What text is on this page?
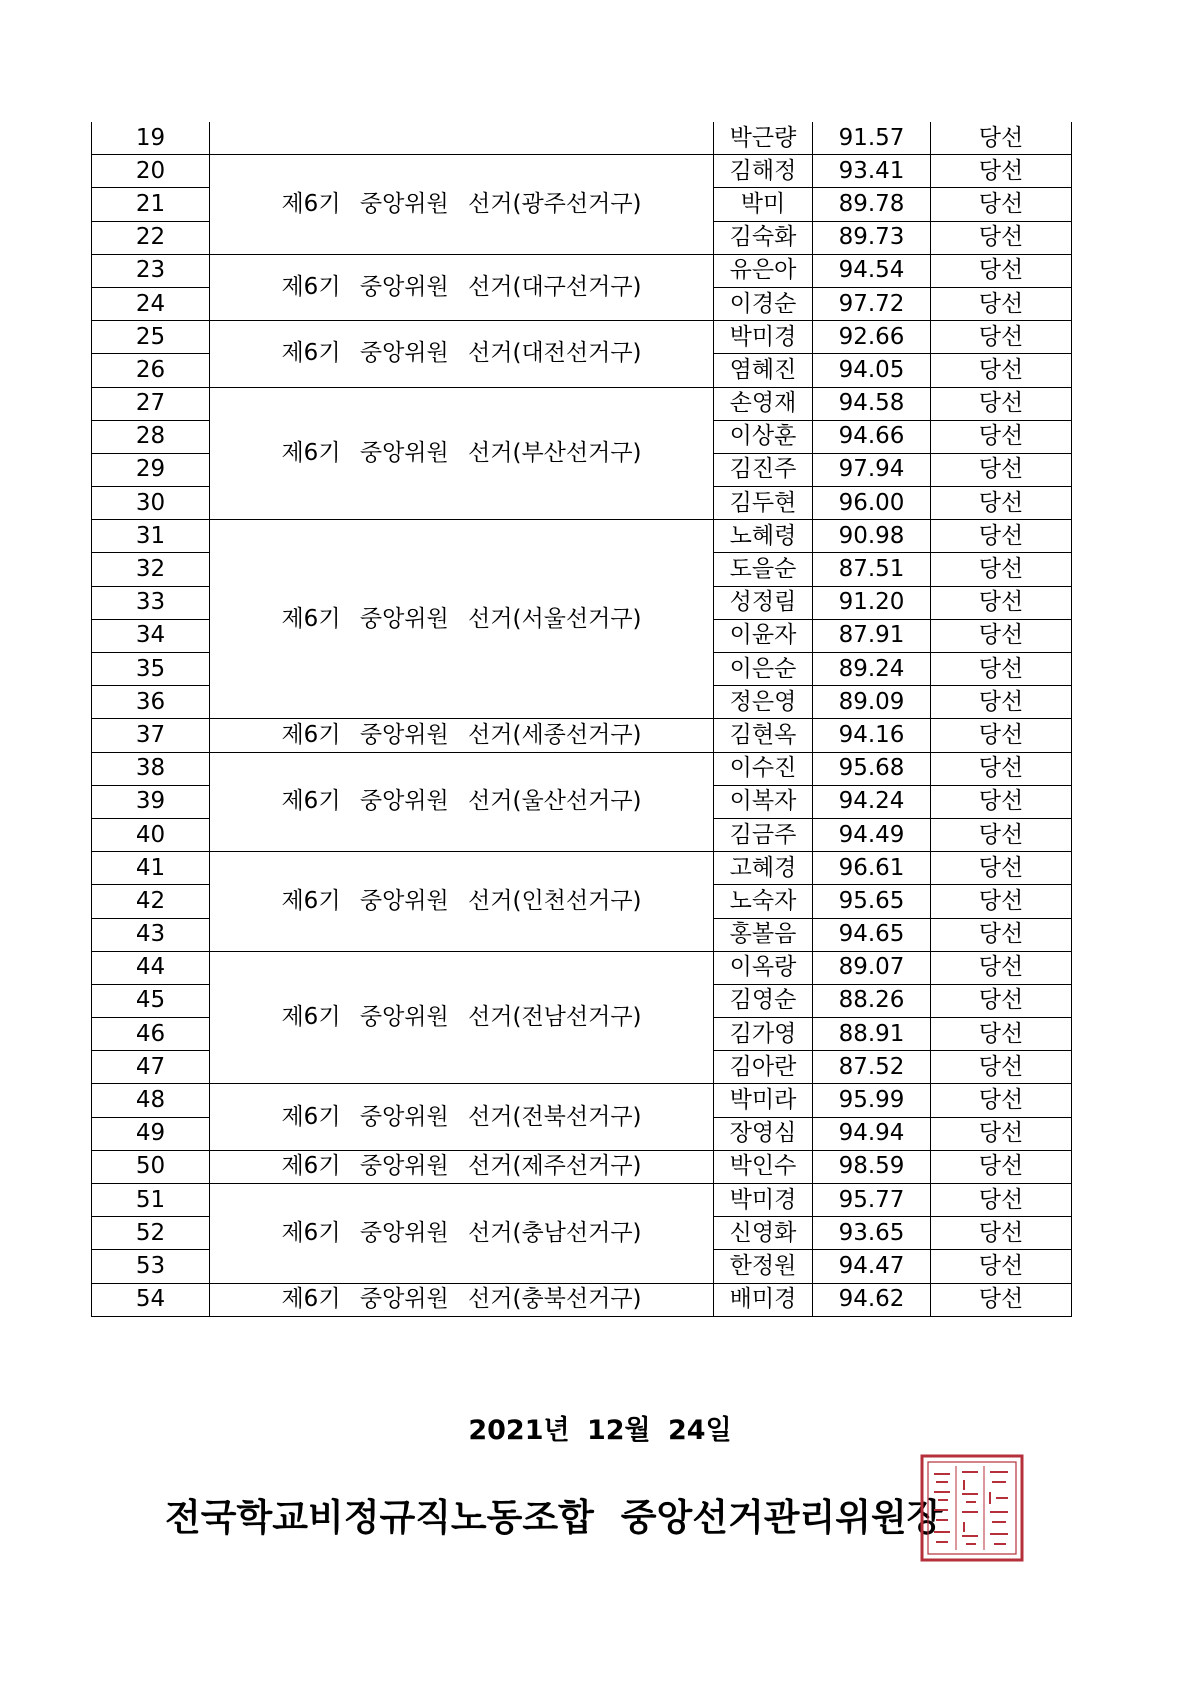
19		박근량	91.57	당선
20	제6기 중앙위원 선거(광주선거구)	김해정	93.41	당선
21		박미	89.78	당선
22		김숙화	89.73	당선
23	제6기 중앙위원 선거(대구선거구)	유은아	94.54	당선
24		이경순	97.72	당선
25	제6기 중앙위원 선거(대전선거구)	박미경	92.66	당선
26		염혜진	94.05	당선
27	제6기 중앙위원 선거(부산선거구)	손영재	94.58	당선
28		이상훈	94.66	당선
29		김진주	97.94	당선
30		김두현	96.00	당선
31	제6기 중앙위원 선거(서울선거구)	노혜령	90.98	당선
32		도을순	87.51	당선
33		성정림	91.20	당선
34		이윤자	87.91	당선
35		이은순	89.24	당선
36		정은영	89.09	당선
37	제6기 중앙위원 선거(세종선거구)	김현옥	94.16	당선
38	제6기 중앙위원 선거(울산선거구)	이수진	95.68	당선
39		이복자	94.24	당선
40		김금주	94.49	당선
41	제6기 중앙위원 선거(인천선거구)	고혜경	96.61	당선
42		노숙자	95.65	당선
43		홍볼음	94.65	당선
44	제6기 중앙위원 선거(전남선거구)	이옥랑	89.07	당선
45		김영순	88.26	당선
46		김가영	88.91	당선
47		김아란	87.52	당선
48	제6기 중앙위원 선거(전북선거구)	박미라	95.99	당선
49		장영심	94.94	당선
50	제6기 중앙위원 선거(제주선거구)	박인수	98.59	당선
51	제6기 중앙위원 선거(충남선거구)	박미경	95.77	당선
52		신영화	93.65	당선
53		한정원	94.47	당선
54	제6기 중앙위원 선거(충북선거구)	배미경	94.62	당선
2021년 12월 24일
전국학교비정규직노동조합 중앙선거관리위원장
